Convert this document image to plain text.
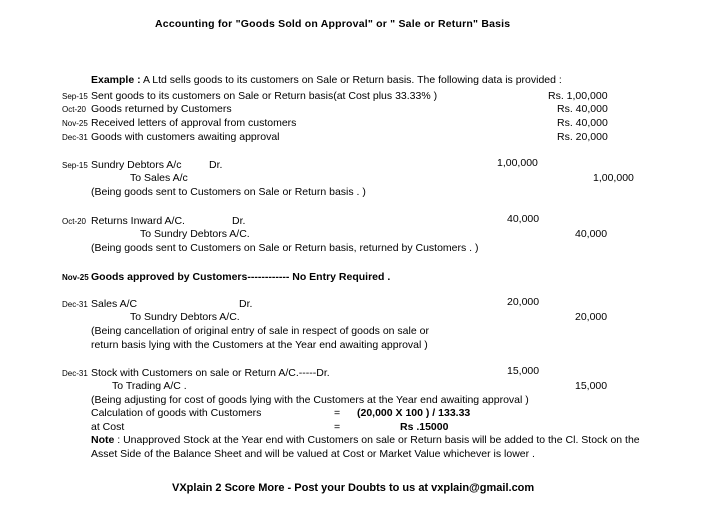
Accounting for "Goods Sold on Approval" or " Sale or Return" Basis
Example : A Ltd sells goods to its customers on Sale or Return basis. The following data is provided :
Sep-15 Sent goods to its customers on Sale or Return basis(at Cost plus 33.33% )	Rs. 1,00,000
Oct-20 Goods returned by Customers	Rs. 40,000
Nov-25 Received letters of approval from customers	Rs. 40,000
Dec-31 Goods with customers awaiting approval	Rs. 20,000
Sep-15 Sundry Debtors A/c	Dr.	1,00,000
To Sales A/c	1,00,000
(Being goods sent to Customers on Sale or Return basis . )
Oct-20 Returns Inward A/C.	Dr.	40,000
To Sundry Debtors A/C.	40,000
(Being goods sent to Customers on Sale or Return basis, returned by Customers . )
Nov-25 Goods approved by Customers------------ No Entry Required .
Dec-31 Sales A/C	Dr.	20,000
To Sundry Debtors A/C.	20,000
(Being cancellation of original entry of sale in respect of goods on sale or
return basis lying with the Customers at the Year end awaiting approval )
Dec-31 Stock with Customers on sale or Return A/C.-----Dr.	15,000
To Trading A/C .	15,000
(Being adjusting for cost of goods lying with the Customers at the Year end awaiting approval )
Calculation of goods with Customers	= (20,000 X 100 ) / 133.33
at Cost	=	Rs .15000
Note : Unapproved Stock at the Year end with Customers on sale or Return basis will be added to the Cl. Stock on the
Asset Side of the Balance Sheet and will be valued at Cost or Market Value whichever is lower .
VXplain 2 Score More - Post your Doubts to us at vxplain@gmail.com
